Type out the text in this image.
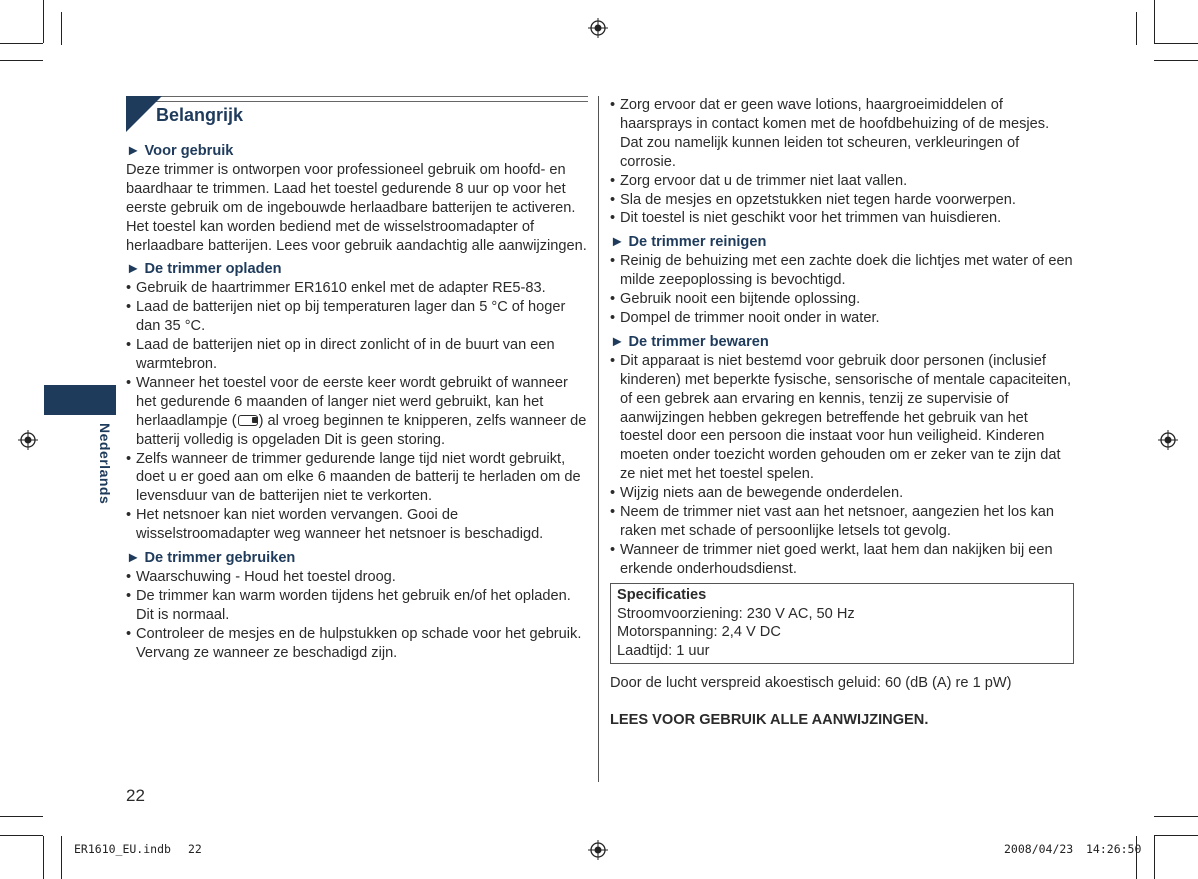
Nederlands
Belangrijk
► Voor gebruik

Deze trimmer is ontworpen voor professioneel gebruik om hoofd- en baardhaar te trimmen. Laad het toestel gedurende 8 uur op voor het eerste gebruik om de ingebouwde herlaadbare batterijen te activeren. Het toestel kan worden bediend met de wisselstroomadapter of herlaadbare batterijen. Lees voor gebruik aandachtig alle aanwijzingen.

► De trimmer opladen
• Gebruik de haartrimmer ER1610 enkel met de adapter RE5-83.
• Laad de batterijen niet op bij temperaturen lager dan 5 °C of hoger dan 35 °C.
• Laad de batterijen niet op in direct zonlicht of in de buurt van een warmtebron.
• Wanneer het toestel voor de eerste keer wordt gebruikt of wanneer het gedurende 6 maanden of langer niet werd gebruikt, kan het herlaadlampje ( ) al vroeg beginnen te knipperen, zelfs wanneer de batterij volledig is opgeladen Dit is geen storing.
• Zelfs wanneer de trimmer gedurende lange tijd niet wordt gebruikt, doet u er goed aan om elke 6 maanden de batterij te herladen om de levensduur van de batterijen niet te verkorten.
• Het netsnoer kan niet worden vervangen. Gooi de wisselstroomadapter weg wanneer het netsnoer is beschadigd.
► De trimmer gebruiken
• Waarschuwing - Houd het toestel droog.
• De trimmer kan warm worden tijdens het gebruik en/of het opladen. Dit is normaal.
• Controleer de mesjes en de hulpstukken op schade voor het gebruik. Vervang ze wanneer ze beschadigd zijn.
• Zorg ervoor dat er geen wave lotions, haargroeimiddelen of haarsprays in contact komen met de hoofdbehuizing of de mesjes.
Dat zou namelijk kunnen leiden tot scheuren, verkleuringen of corrosie.
• Zorg ervoor dat u de trimmer niet laat vallen.
• Sla de mesjes en opzetstukken niet tegen harde voorwerpen.
• Dit toestel is niet geschikt voor het trimmen van huisdieren.
► De trimmer reinigen
• Reinig de behuizing met een zachte doek die lichtjes met water of een milde zeepoplossing is bevochtigd.
• Gebruik nooit een bijtende oplossing.
• Dompel de trimmer nooit onder in water.
► De trimmer bewaren
• Dit apparaat is niet bestemd voor gebruik door personen (inclusief kinderen) met beperkte fysische, sensorische of mentale capaciteiten, of een gebrek aan ervaring en kennis, tenzij ze supervisie of aanwijzingen hebben gekregen betreffende het gebruik van het toestel door een persoon die instaat voor hun veiligheid. Kinderen moeten onder toezicht worden gehouden om er zeker van te zijn dat ze niet met het toestel spelen.
• Wijzig niets aan de bewegende onderdelen.
• Neem de trimmer niet vast aan het netsnoer, aangezien het los kan raken met schade of persoonlijke letsels tot gevolg.
• Wanneer de trimmer niet goed werkt, laat hem dan nakijken bij een erkende onderhoudsdienst.
Specificaties
Stroomvoorziening: 230 V AC, 50 Hz
Motorspanning: 2,4 V DC
Laadtijd: 1 uur
Door de lucht verspreid akoestisch geluid: 60 (dB (A) re 1 pW)
LEES VOOR GEBRUIK ALLE AANWIJZINGEN.
22
ER1610_EU.indb 22	2008/04/23 14:26:50
